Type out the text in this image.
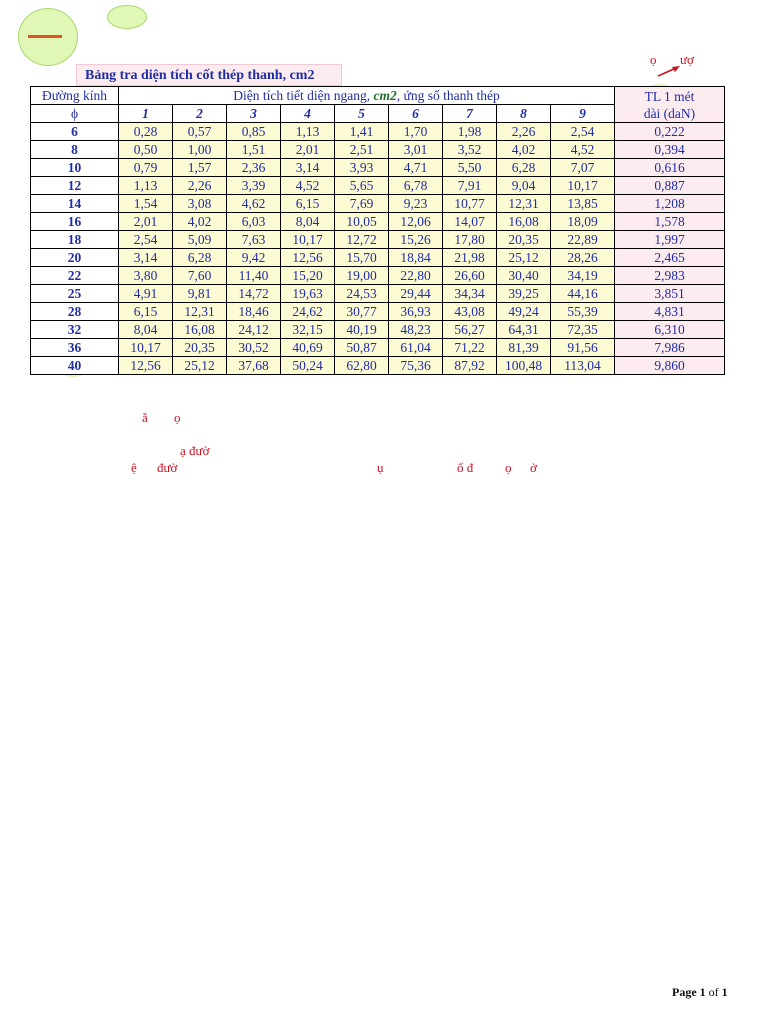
ọ ượ
Bảng tra diện tích cốt thép thanh, cm2
Đường kính	Diện tích tiết diện ngang, cm2, ứng số thanh thép									TL 1 mét
dài (daN)

ϕ	1	2	3	4	5	6	7	8	9	
6	0,28	0,57	0,85	1,13	1,41	1,70	1,98	2,26	2,54	0,222
8	0,50	1,00	1,51	2,01	2,51	3,01	3,52	4,02	4,52	0,394
10	0,79	1,57	2,36	3,14	3,93	4,71	5,50	6,28	7,07	0,616
12	1,13	2,26	3,39	4,52	5,65	6,78	7,91	9,04	10,17	0,887
14	1,54	3,08	4,62	6,15	7,69	9,23	10,77	12,31	13,85	1,208
16	2,01	4,02	6,03	8,04	10,05	12,06	14,07	16,08	18,09	1,578
18	2,54	5,09	7,63	10,17	12,72	15,26	17,80	20,35	22,89	1,997
20	3,14	6,28	9,42	12,56	15,70	18,84	21,98	25,12	28,26	2,465
22	3,80	7,60	11,40	15,20	19,00	22,80	26,60	30,40	34,19	2,983
25	4,91	9,81	14,72	19,63	24,53	29,44	34,34	39,25	44,16	3,851
28	6,15	12,31	18,46	24,62	30,77	36,93	43,08	49,24	55,39	4,831
32	8,04	16,08	24,12	32,15	40,19	48,23	56,27	64,31	72,35	6,310
36	10,17	20,35	30,52	40,69	50,87	61,04	71,22	81,39	91,56	7,986
40	12,56	25,12	37,68	50,24	62,80	75,36	87,92	100,48	113,04	9,860
ắ ọ
ạ đườ
ệ đườ	ụ	ố đ ọ ở
Page 1 of 1
